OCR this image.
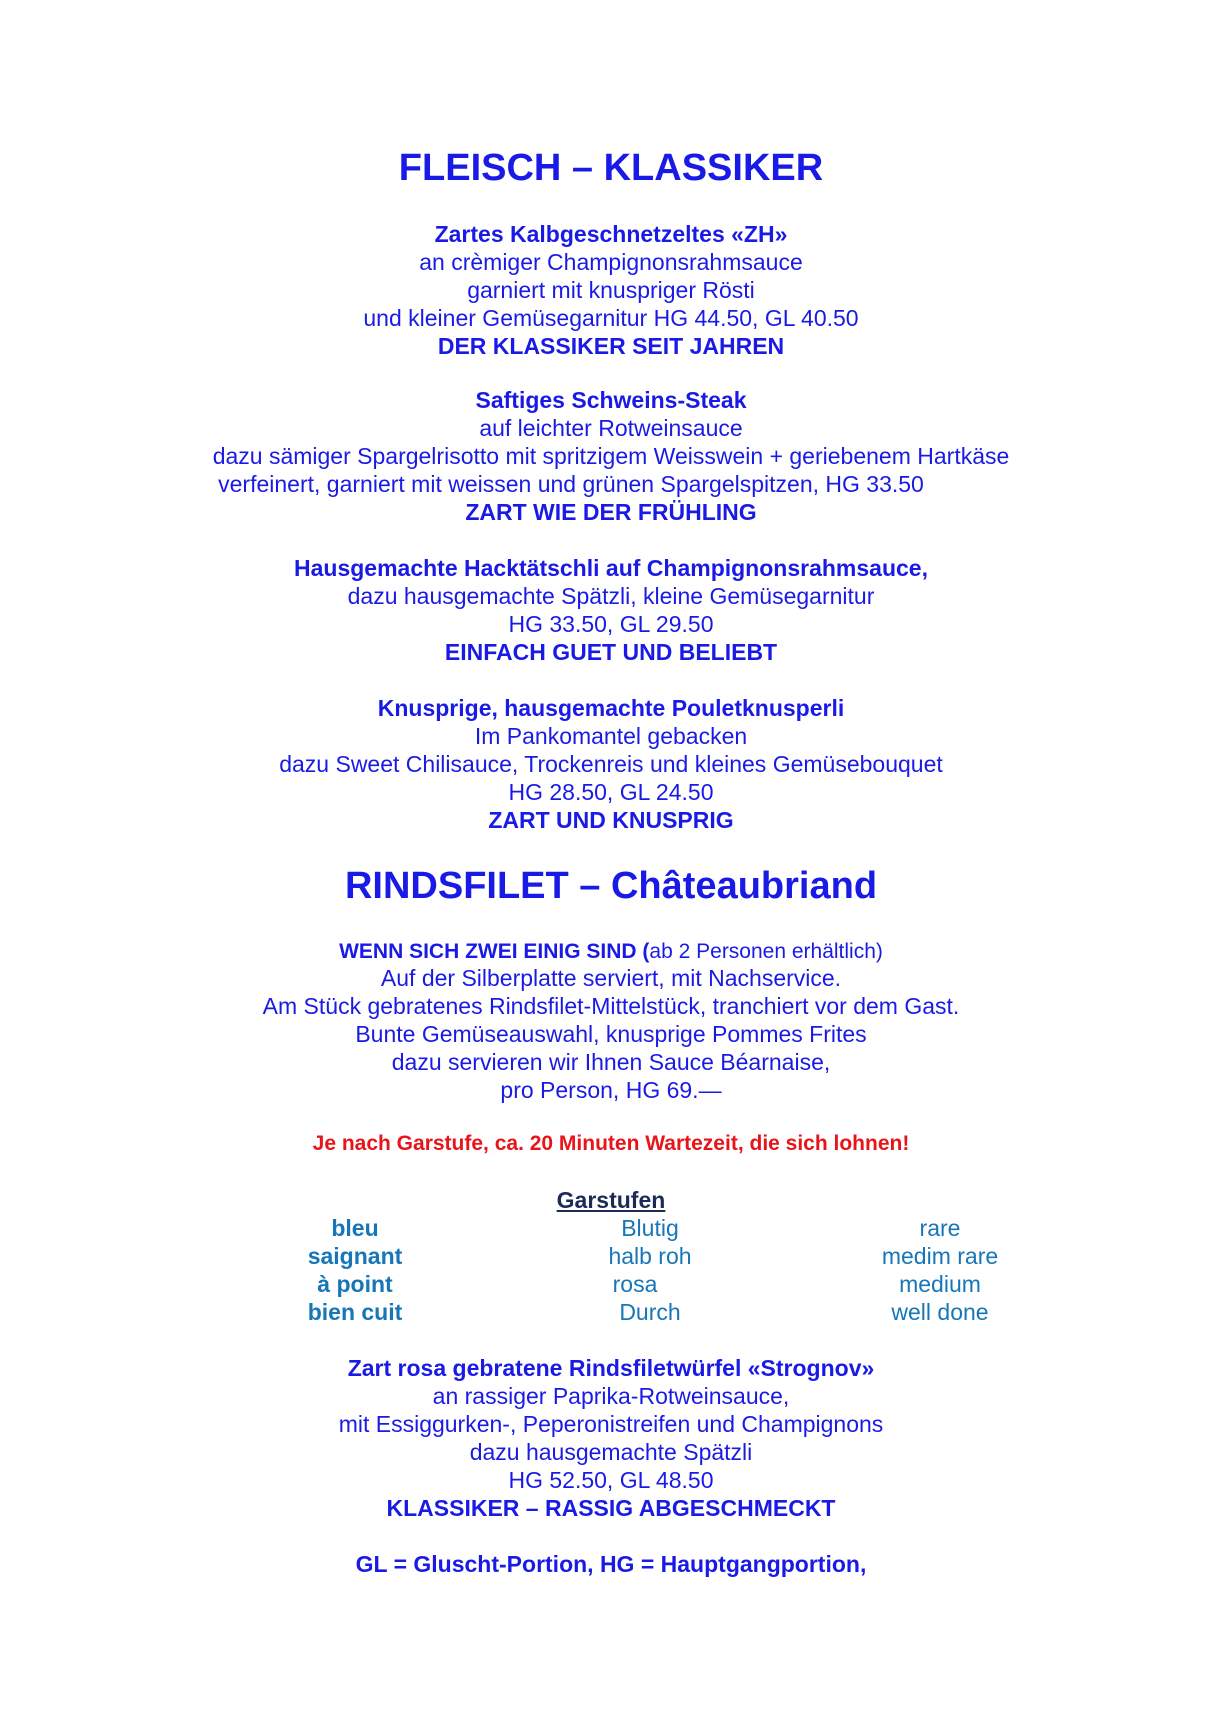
FLEISCH – KLASSIKER
Zartes Kalbgeschnetzeltes «ZH»
an crèmiger Champignonsrahmsauce
garniert mit knuspriger Rösti
und kleiner Gemüsegarnitur HG 44.50, GL 40.50
DER KLASSIKER SEIT JAHREN
Saftiges Schweins-Steak
auf leichter Rotweinsauce
dazu sämiger Spargelrisotto mit spritzigem Weisswein + geriebenem Hartkäse
verfeinert, garniert mit weissen und grünen Spargelspitzen, HG 33.50
ZART WIE DER FRÜHLING
Hausgemachte Hacktätschli auf Champignonsrahmsauce,
dazu hausgemachte Spätzli, kleine Gemüsegarnitur
HG 33.50, GL 29.50
EINFACH GUET UND BELIEBT
Knusprige, hausgemachte Pouletknusperli
Im Pankomantel gebacken
dazu Sweet Chilisauce, Trockenreis und kleines Gemüsebouquet
HG 28.50, GL 24.50
ZART UND KNUSPRIG
RINDSFILET – Châteaubriand
WENN SICH ZWEI EINIG SIND (ab 2 Personen erhältlich)
Auf der Silberplatte serviert, mit Nachservice.
Am Stück gebratenes Rindsfilet-Mittelstück, tranchiert vor dem Gast.
Bunte Gemüseauswahl, knusprige Pommes Frites
dazu servieren wir Ihnen Sauce Béarnaise,
pro Person, HG 69.—
Je nach Garstufe, ca. 20 Minuten Wartezeit, die sich lohnen!
Garstufen
bleu	Blutig	rare
saignant	halb roh	medim rare
à point	rosa	medium
bien cuit	Durch	well done
Zart rosa gebratene Rindsfiletwürfel «Strognov»
an rassiger Paprika-Rotweinsauce,
mit Essiggurken-, Peperonistreifen und Champignons
dazu hausgemachte Spätzli
HG 52.50, GL 48.50
KLASSIKER – RASSIG ABGESCHMECKT
GL = Gluscht-Portion, HG = Hauptgangportion,
